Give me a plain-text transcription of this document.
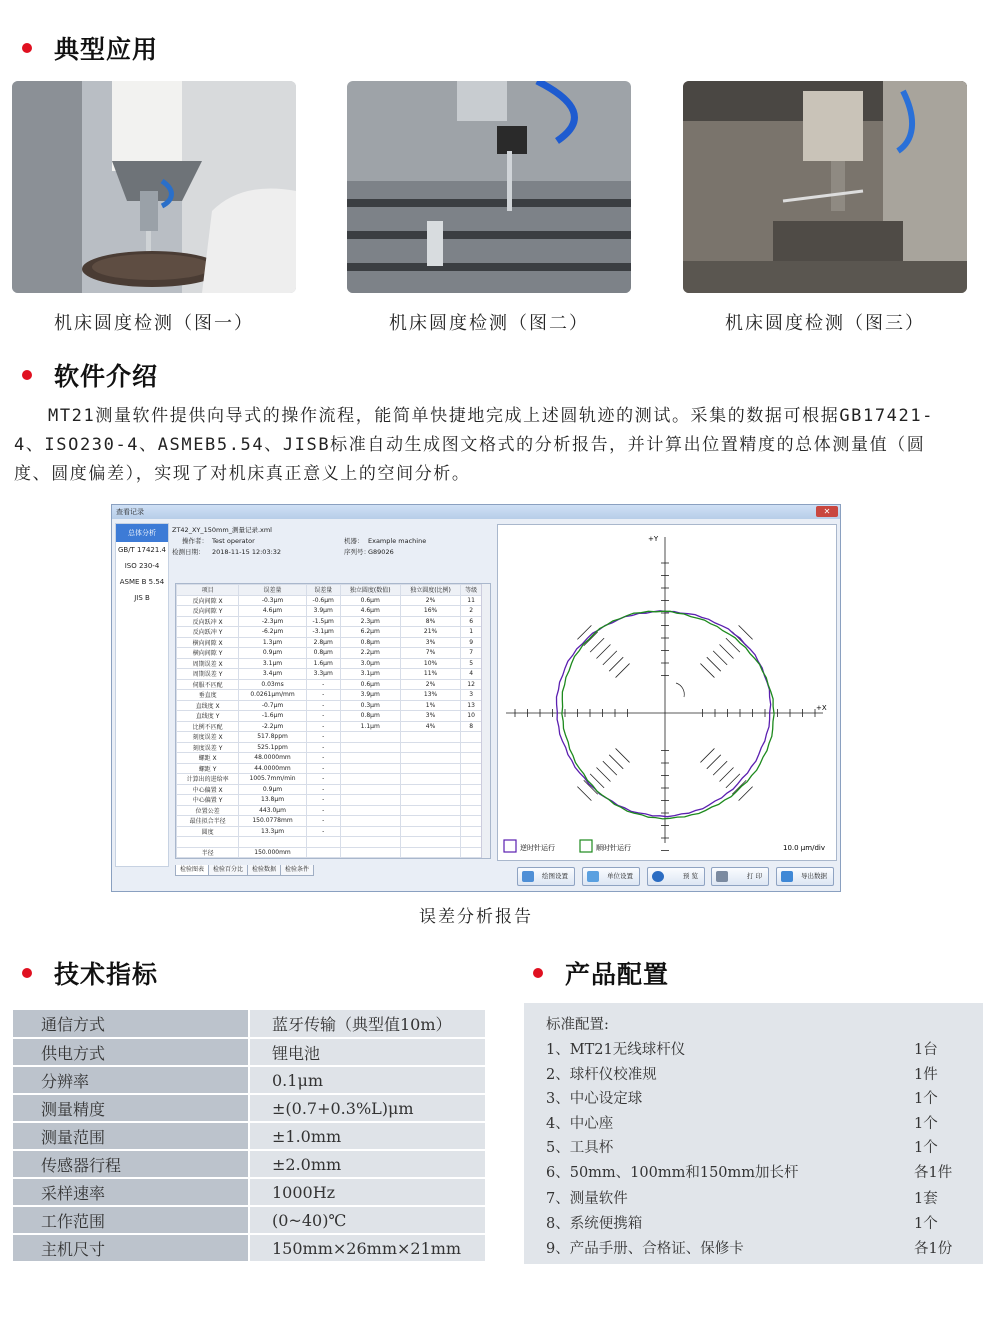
典型应用
机床圆度检测（图一）	机床圆度检测（图二）	机床圆度检测（图三）
软件介绍

MT21测量软件提供向导式的操作流程，能简单快捷地完成上述圆轨迹的测试。采集的数据可根据GB17421-4、ISO230-4、ASMEB5.54、JISB标准自动生成图文格式的分析报告，并计算出位置精度的总体测量值（圆度、圆度偏差），实现了对机床真正意义上的空间分析。

查看记录	✕
总体分析
GB/T 17421.4
ISO 230-4
ASME B 5.54
JIS B
ZT42_XY_150mm_测量记录.xml
操作者： Test operator	机器： Example machine
检测日期： 2018-11-15 12:03:32	序列号：
G89026
项目	误差量	误差量	独立圆度(数值)	独立圆度(比例)	等级
反向间隙 X	-0.3μm	-0.6μm	0.6μm	2%	11
反向间隙 Y	4.6μm	3.9μm	4.6μm	16%	2
反向跃冲 X	-2.3μm	-1.5μm	2.3μm	8%	6
反向跃冲 Y	-6.2μm	-3.1μm	6.2μm	21%	1
横向间隙 X	1.3μm	2.8μm	0.8μm	3%	9
横向间隙 Y	0.9μm	0.8μm	2.2μm	7%	7
周期误差 X	3.1μm	1.6μm	3.0μm	10%	5
周期误差 Y	3.4μm	3.3μm	3.1μm	11%	4
伺服不匹配	0.03ms	-	0.6μm	2%	12
垂直度	0.0261μm/mm	-	3.9μm	13%	3
直线度 X	-0.7μm	-	0.3μm	1%	13
直线度 Y	-1.6μm	-	0.8μm	3%	10
比例不匹配	-2.2μm	-	1.1μm	4%	8
刻度误差 X	517.8ppm	-			
刻度误差 Y	525.1ppm	-			
螺距 X	48.0000mm	-			
螺距 Y	44.0000mm	-			
计算出的进给率	1005.7mm/min	-			
中心偏置 X	0.9μm	-			
中心偏置 Y	13.8μm	-			
位置公差	443.0μm	-			
最佳拟合半径	150.0778mm	-			
圆度	13.3μm	-			

半径	150.000mm				
检验图表 检验百分比 检验数据 检验条件
+Y
+X
逆时针运行	顺时针运行	10.0 μm/div
绘图设置	单位设置	预 览	打 印	导出数据
误差分析报告
技术指标
通信方式	蓝牙传输（典型值10m）
供电方式	锂电池
分辨率	0.1μm
测量精度	±(0.7+0.3%L)μm
测量范围	±1.0mm
传感器行程	±2.0mm
采样速率	1000Hz
工作范围	(0~40)℃
主机尺寸	150mm×26mm×21mm
产品配置
标准配置:
1、MT21无线球杆仪	1台
2、球杆仪校准规	1件
3、中心设定球	1个
4、中心座	1个
5、工具杯	1个
6、50mm、100mm和150mm加长杆	各1件
7、测量软件	1套
8、系统便携箱	1个
9、产品手册、合格证、保修卡	各1份
